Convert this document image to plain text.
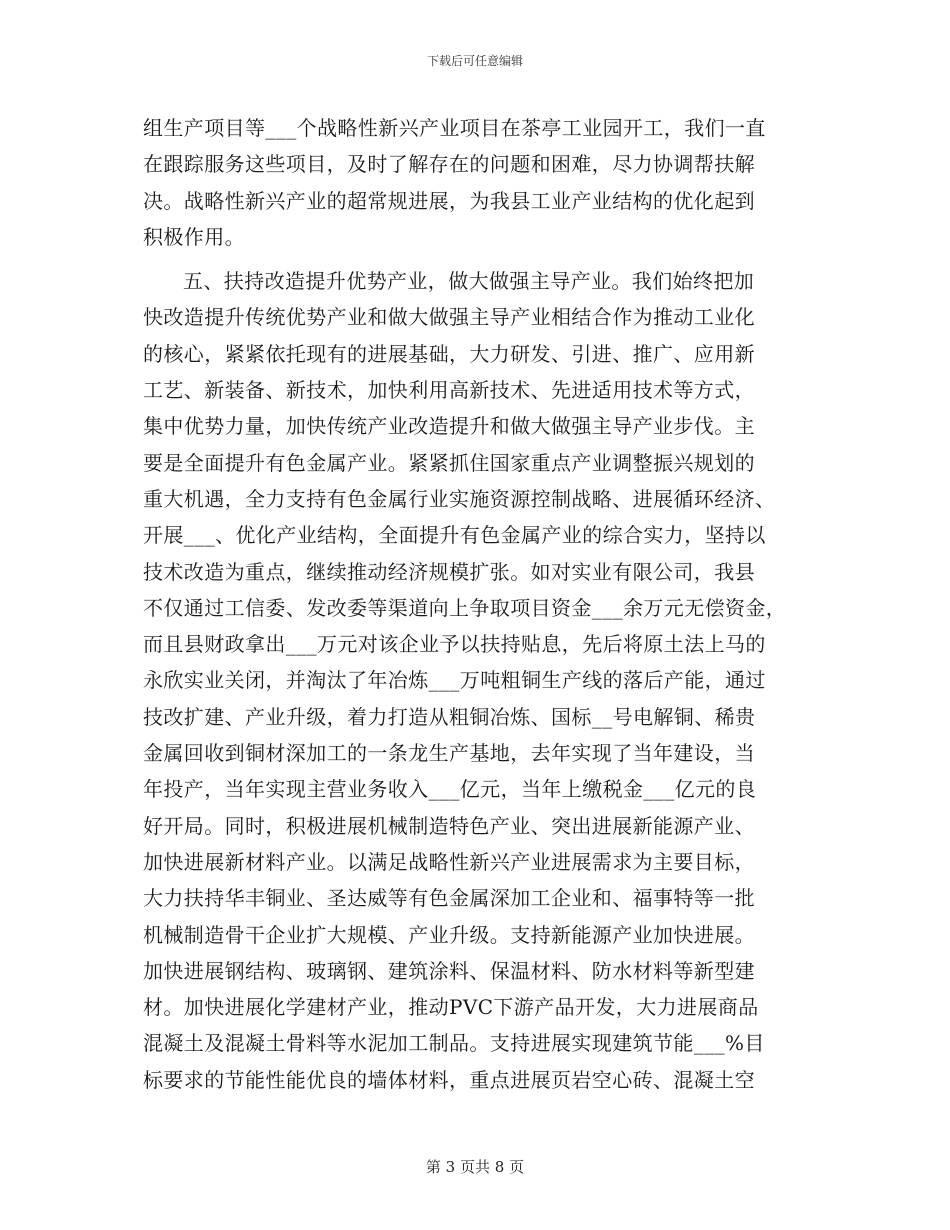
下载后可任意编辑
组生产项目等___个战略性新兴产业项目在茶亭工业园开工，我们一直
在跟踪服务这些项目，及时了解存在的问题和困难，尽力协调帮扶解
决。战略性新兴产业的超常规进展，为我县工业产业结构的优化起到
积极作用。
五、扶持改造提升优势产业，做大做强主导产业。我们始终把加
快改造提升传统优势产业和做大做强主导产业相结合作为推动工业化
的核心，紧紧依托现有的进展基础，大力研发、引进、推广、应用新
工艺、新装备、新技术，加快利用高新技术、先进适用技术等方式，
集中优势力量，加快传统产业改造提升和做大做强主导产业步伐。主
要是全面提升有色金属产业。紧紧抓住国家重点产业调整振兴规划的
重大机遇，全力支持有色金属行业实施资源控制战略、进展循环经济、
开展___、优化产业结构，全面提升有色金属产业的综合实力，坚持以
技术改造为重点，继续推动经济规模扩张。如对实业有限公司，我县
不仅通过工信委、发改委等渠道向上争取项目资金___余万元无偿资金，
而且县财政拿出___万元对该企业予以扶持贴息，先后将原土法上马的
永欣实业关闭，并淘汰了年冶炼___万吨粗铜生产线的落后产能，通过
技改扩建、产业升级，着力打造从粗铜冶炼、国标__号电解铜、稀贵
金属回收到铜材深加工的一条龙生产基地，去年实现了当年建设，当
年投产，当年实现主营业务收入___亿元，当年上缴税金___亿元的良
好开局。同时，积极进展机械制造特色产业、突出进展新能源产业、
加快进展新材料产业。以满足战略性新兴产业进展需求为主要目标，
大力扶持华丰铜业、圣达威等有色金属深加工企业和、福事特等一批
机械制造骨干企业扩大规模、产业升级。支持新能源产业加快进展。
加快进展钢结构、玻璃钢、建筑涂料、保温材料、防水材料等新型建
材。加快进展化学建材产业，推动PVC下游产品开发，大力进展商品
混凝土及混凝土骨料等水泥加工制品。支持进展实现建筑节能___%目
标要求的节能性能优良的墙体材料，重点进展页岩空心砖、混凝土空
第 3 页共 8 页
